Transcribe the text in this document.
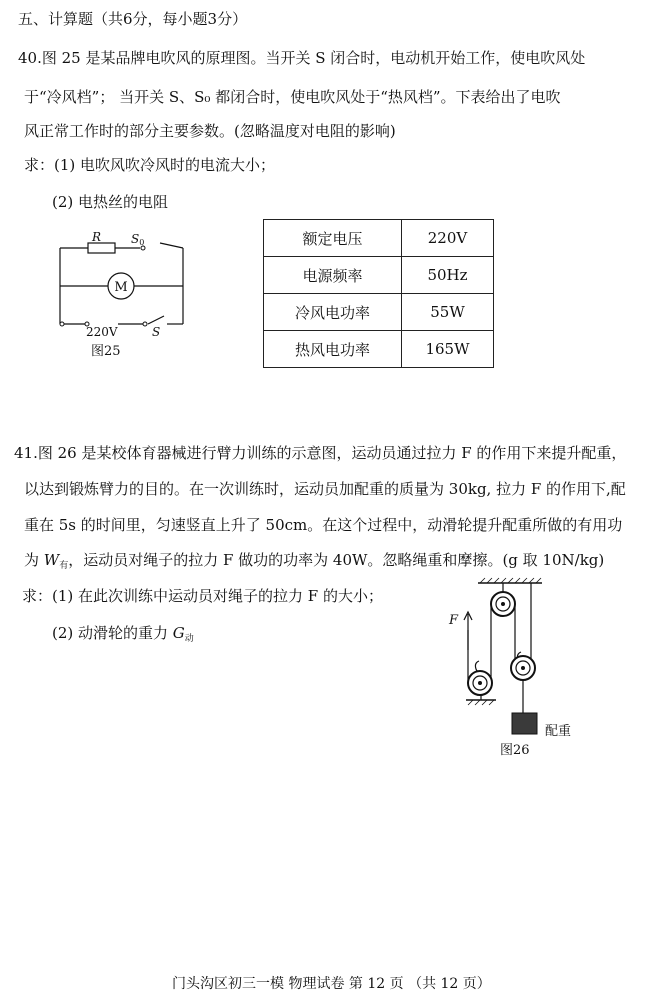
五、计算题（共6分，每小题3分）
40.图 25 是某品牌电吹风的原理图。当开关 S 闭合时，电动机开始工作，使电吹风处
于“冷风档”； 当开关 S、S₀ 都闭合时，使电吹风处于“热风档”。下表给出了电吹
风正常工作时的部分主要参数。(忽略温度对电阻的影响)
求：(1) 电吹风吹冷风时的电流大小；
(2) 电热丝的电阻
R S0
M
220V	S
图25
额定电压	220V
电源频率	50Hz
冷风电功率	55W
热风电功率	165W
41.图 26 是某校体育器械进行臂力训练的示意图，运动员通过拉力 F 的作用下来提升配重，
以达到锻炼臂力的目的。在一次训练时，运动员加配重的质量为 30kg, 拉力 F 的作用下,配
重在 5s 的时间里，匀速竖直上升了 50cm。在这个过程中，动滑轮提升配重所做的有用功
为 $W_有$，运动员对绳子的拉力 F 做功的功率为 40W。忽略绳重和摩擦。(g 取 10N/kg)
求：(1) 在此次训练中运动员对绳子的拉力 F 的大小；
(2) 动滑轮的重力 $G_动$
F
配重
图26
门头沟区初三一模 物理试卷 第 12 页 （共 12 页）
